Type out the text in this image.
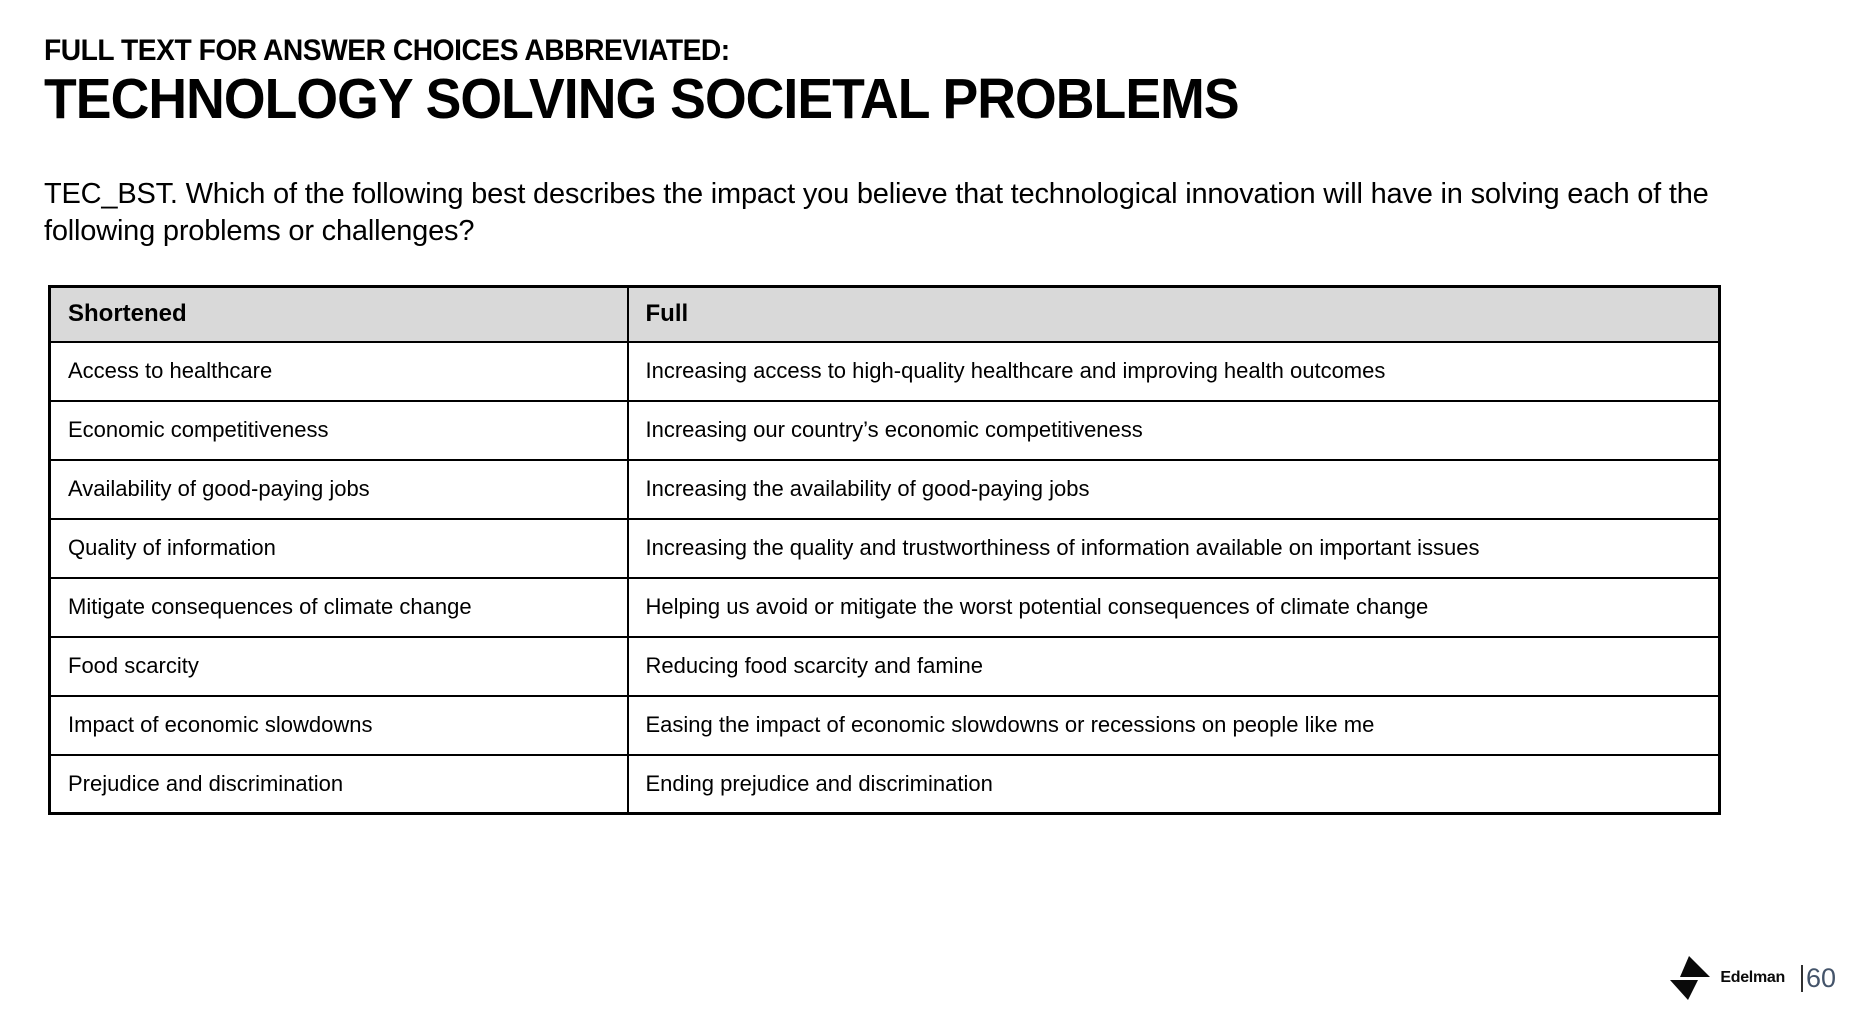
FULL TEXT FOR ANSWER CHOICES ABBREVIATED:
TECHNOLOGY SOLVING SOCIETAL PROBLEMS
TEC_BST. Which of the following best describes the impact you believe that technological innovation will have in solving each of the following problems or challenges?
Shortened	Full
Access to healthcare	Increasing access to high-quality healthcare and improving health outcomes
Economic competitiveness	Increasing our country’s economic competitiveness
Availability of good-paying jobs	Increasing the availability of good-paying jobs
Quality of information	Increasing the quality and trustworthiness of information available on important issues
Mitigate consequences of climate change	Helping us avoid or mitigate the worst potential consequences of climate change
Food scarcity	Reducing food scarcity and famine
Impact of economic slowdowns	Easing the impact of economic slowdowns or recessions on people like me
Prejudice and discrimination	Ending prejudice and discrimination
Edelman 60
